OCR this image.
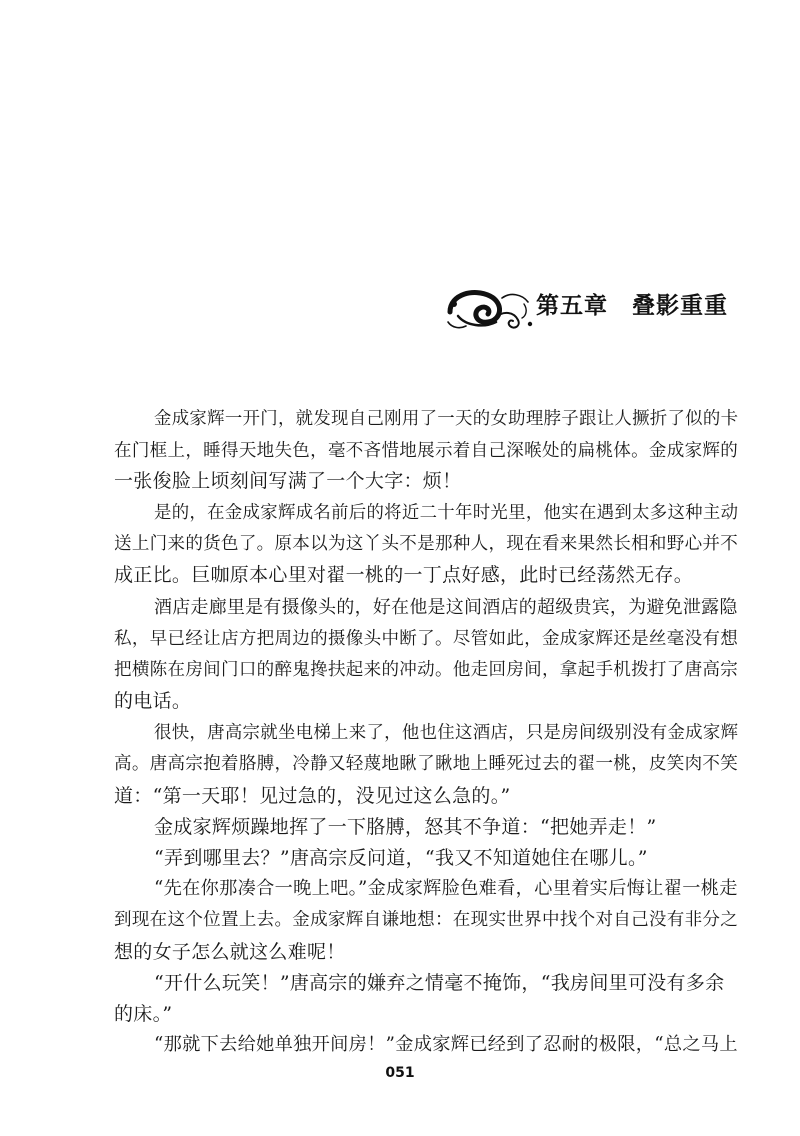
第五章　叠影重重
金成家辉一开门，就发现自己刚用了一天的女助理脖子跟让人撅折了似的卡
在门框上，睡得天地失色，毫不吝惜地展示着自己深喉处的扁桃体。金成家辉的
一张俊脸上顷刻间写满了一个大字：烦！
是的，在金成家辉成名前后的将近二十年时光里，他实在遇到太多这种主动
送上门来的货色了。原本以为这丫头不是那种人，现在看来果然长相和野心并不
成正比。巨咖原本心里对翟一桃的一丁点好感，此时已经荡然无存。
酒店走廊里是有摄像头的，好在他是这间酒店的超级贵宾，为避免泄露隐
私，早已经让店方把周边的摄像头中断了。尽管如此，金成家辉还是丝毫没有想
把横陈在房间门口的醉鬼搀扶起来的冲动。他走回房间，拿起手机拨打了唐高宗
的电话。
很快，唐高宗就坐电梯上来了，他也住这酒店，只是房间级别没有金成家辉
高。唐高宗抱着胳膊，冷静又轻蔑地瞅了瞅地上睡死过去的翟一桃，皮笑肉不笑
道：“第一天耶！见过急的，没见过这么急的。”
金成家辉烦躁地挥了一下胳膊，怒其不争道：“把她弄走！”
“弄到哪里去？”唐高宗反问道，“我又不知道她住在哪儿。”
“先在你那凑合一晚上吧。”金成家辉脸色难看，心里着实后悔让翟一桃走
到现在这个位置上去。金成家辉自谦地想：在现实世界中找个对自己没有非分之
想的女子怎么就这么难呢！
“开什么玩笑！”唐高宗的嫌弃之情毫不掩饰，“我房间里可没有多余
的床。”
“那就下去给她单独开间房！”金成家辉已经到了忍耐的极限，“总之马上
051
